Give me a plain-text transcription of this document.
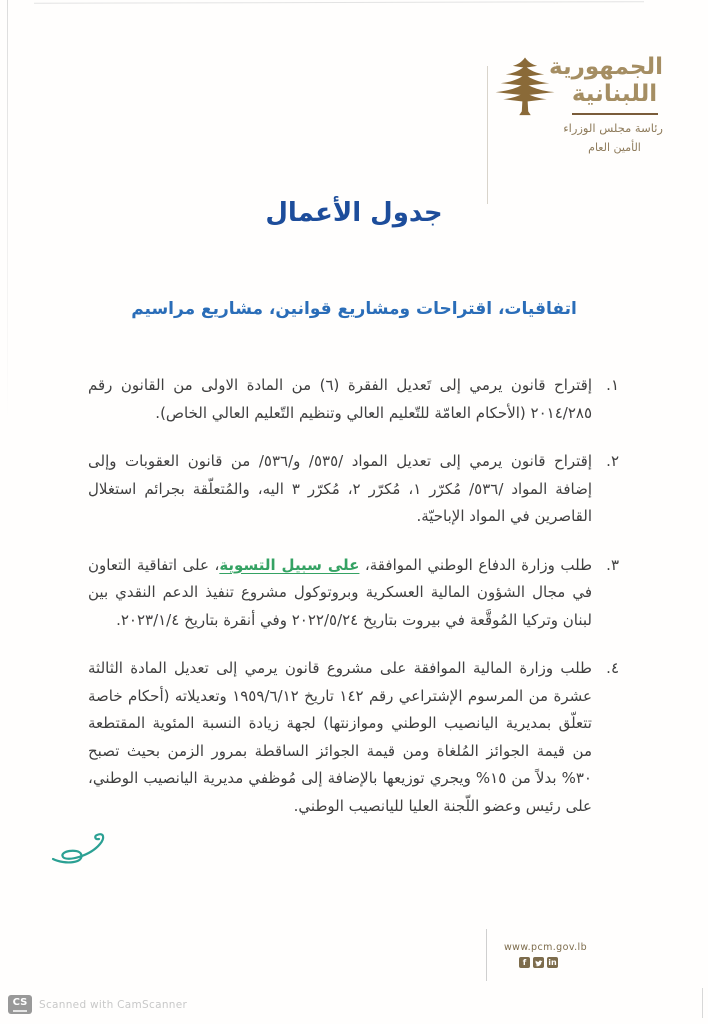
الجمهورية
اللبنانية
رئاسة مجلس الوزراء
الأمين العام
جدول الأعمال
اتفاقيات، اقتراحات ومشاريع قوانين، مشاريع مراسيم
١.
إقتراح قانون يرمي إلى تَعديل الفقرة (٦) من المادة الاولى من القانون رقم ٢٠١٤/٢٨٥ (الأحكام العامّة للتّعليم العالي وتنظيم التّعليم العالي الخاص).
٢.
إقتراح قانون يرمي إلى تعديل المواد /٥٣٥/ و/٥٣٦/ من قانون العقوبات وإلى إضافة المواد /٥٣٦/ مُكرّر ١، مُكرّر ٢، مُكرّر ٣ اليه، والمُتعلّقة بجرائم استغلال القاصرين في المواد الإباحيّة.
٣.
طلب وزارة الدفاع الوطني الموافقة، على سبيل التسوية، على اتفاقية التعاون في مجال الشؤون المالية العسكرية وبروتوكول مشروع تنفيذ الدعم النقدي بين لبنان وتركيا المُوقَّعة في بيروت بتاريخ ٢٠٢٢/٥/٢٤ وفي أنقرة بتاريخ ٢٠٢٣/١/٤.
٤.
طلب وزارة المالية الموافقة على مشروع قانون يرمي إلى تعديل المادة الثالثة عشرة من المرسوم الإشتراعي رقم ١٤٢ تاريخ ١٩٥٩/٦/١٢ وتعديلاته (أحكام خاصة تتعلّق بمديرية اليانصيب الوطني وموازنتها) لجهة زيادة النسبة المئوية المقتطعة من قيمة الجوائز المُلغاة ومن قيمة الجوائز الساقطة بمرور الزمن بحيث تصبح ٣٠% بدلاً من ١٥% ويجري توزيعها بالإضافة إلى مُوظفي مديرية اليانصيب الوطني، على رئيس وعضو اللّجنة العليا لليانصيب الوطني.
www.pcm.gov.lb
f	in
CS Scanned with CamScanner
